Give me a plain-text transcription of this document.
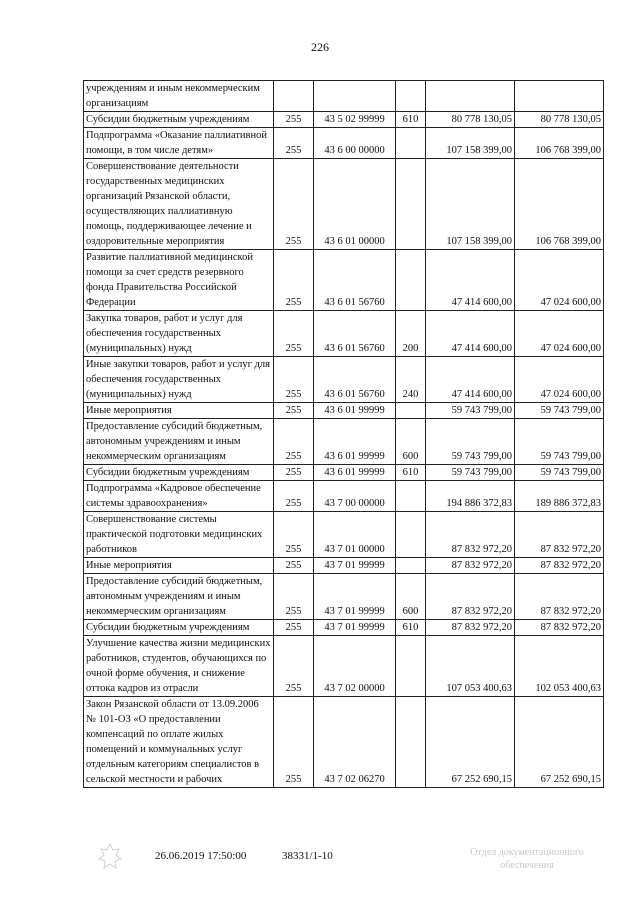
226
учреждениям и иным некоммерческим организациям					
Субсидии бюджетным учреждениям	255	43 5 02 99999	610	80 778 130,05	80 778 130,05
Подпрограмма «Оказание паллиативной помощи, в том числе детям»	255	43 6 00 00000		107 158 399,00	106 768 399,00
Совершенствование деятельности государственных медицинских организаций Рязанской области, осуществляющих паллиативную помощь, поддерживающее лечение и оздоровительные мероприятия	255	43 6 01 00000		107 158 399,00	106 768 399,00
Развитие паллиативной медицинской помощи за счет средств резервного фонда Правительства Российской Федерации	255	43 6 01 56760		47 414 600,00	47 024 600,00
Закупка товаров, работ и услуг для обеспечения государственных (муниципальных) нужд	255	43 6 01 56760	200	47 414 600,00	47 024 600,00
Иные закупки товаров, работ и услуг для обеспечения государственных (муниципальных) нужд	255	43 6 01 56760	240	47 414 600,00	47 024 600,00
Иные мероприятия	255	43 6 01 99999		59 743 799,00	59 743 799,00
Предоставление субсидий бюджетным, автономным учреждениям и иным некоммерческим организациям	255	43 6 01 99999	600	59 743 799,00	59 743 799,00
Субсидии бюджетным учреждениям	255	43 6 01 99999	610	59 743 799,00	59 743 799,00
Подпрограмма «Кадровое обеспечение системы здравоохранения»	255	43 7 00 00000		194 886 372,83	189 886 372,83
Совершенствование системы практической подготовки медицинских работников	255	43 7 01 00000		87 832 972,20	87 832 972,20
Иные мероприятия	255	43 7 01 99999		87 832 972,20	87 832 972,20
Предоставление субсидий бюджетным, автономным учреждениям и иным некоммерческим организациям	255	43 7 01 99999	600	87 832 972,20	87 832 972,20
Субсидии бюджетным учреждениям	255	43 7 01 99999	610	87 832 972,20	87 832 972,20
Улучшение качества жизни медицинских работников, студентов, обучающихся по очной форме обучения, и снижение оттока кадров из отрасли	255	43 7 02 00000		107 053 400,63	102 053 400,63
Закон Рязанской области от 13.09.2006 № 101-ОЗ «О предоставлении компенсаций по оплате жилых помещений и коммунальных услуг отдельным категориям специалистов в сельской местности и рабочих	255	43 7 02 06270		67 252 690,15	67 252 690,15
26.06.2019 17:50:00	38331/1-10	Отдел документационного обеспечения
